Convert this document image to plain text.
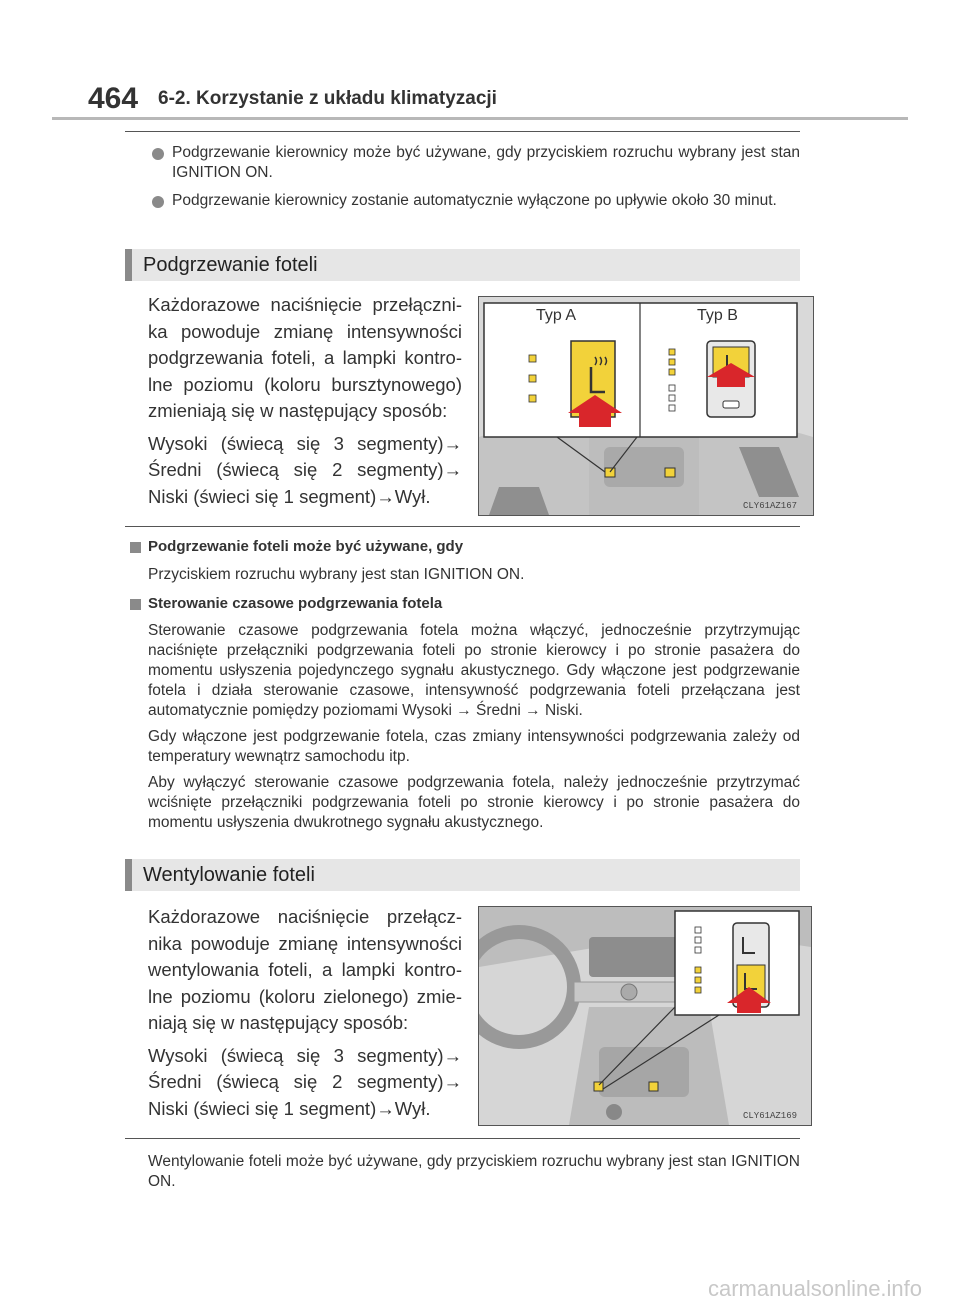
464 6-2. Korzystanie z układu klimatyzacji
Podgrzewanie kierownicy może być używane, gdy przyciskiem rozruchu wybrany jest stan IGNITION ON.
Podgrzewanie kierownicy zostanie automatycznie wyłączone po upływie około 30 minut.
Podgrzewanie foteli

Każdorazowe naciśnięcie przełącznika powoduje zmianę intensywności podgrzewania foteli, a lampki kontrolne poziomu (koloru bursztynowego) zmieniają się w następujący sposób:

Wysoki (świecą się 3 segmenty)→ Średni (świecą się 2 segmenty)→ Niski (świeci się 1 segment)→Wył.

Typ A	Typ B
CLY61AZ167
Podgrzewanie foteli może być używane, gdy

Przyciskiem rozruchu wybrany jest stan IGNITION ON.

Sterowanie czasowe podgrzewania fotela

Sterowanie czasowe podgrzewania fotela można włączyć, jednocześnie przytrzymując naciśnięte przełączniki podgrzewania foteli po stronie kierowcy i po stronie pasażera do momentu usłyszenia pojedynczego sygnału akustycznego. Gdy włączone jest podgrzewanie fotela i działa sterowanie czasowe, intensywność podgrzewania foteli przełączana jest automatycznie pomiędzy poziomami Wysoki → Średni → Niski.

Gdy włączone jest podgrzewanie fotela, czas zmiany intensywności podgrzewania zależy od temperatury wewnątrz samochodu itp.

Aby wyłączyć sterowanie czasowe podgrzewania fotela, należy jednocześnie przytrzymać wciśnięte przełączniki podgrzewania foteli po stronie kierowcy i po stronie pasażera do momentu usłyszenia dwukrotnego sygnału akustycznego.

Wentylowanie foteli

Każdorazowe naciśnięcie przełącznika powoduje zmianę intensywności wentylowania foteli, a lampki kontrolne poziomu (koloru zielonego) zmieniają się w następujący sposób:

Wysoki (świecą się 3 segmenty)→ Średni (świecą się 2 segmenty)→ Niski (świeci się 1 segment)→Wył.	CLY61AZ169
Wentylowanie foteli może być używane, gdy przyciskiem rozruchu wybrany jest stan IGNITION ON.
carmanualsonline.info
